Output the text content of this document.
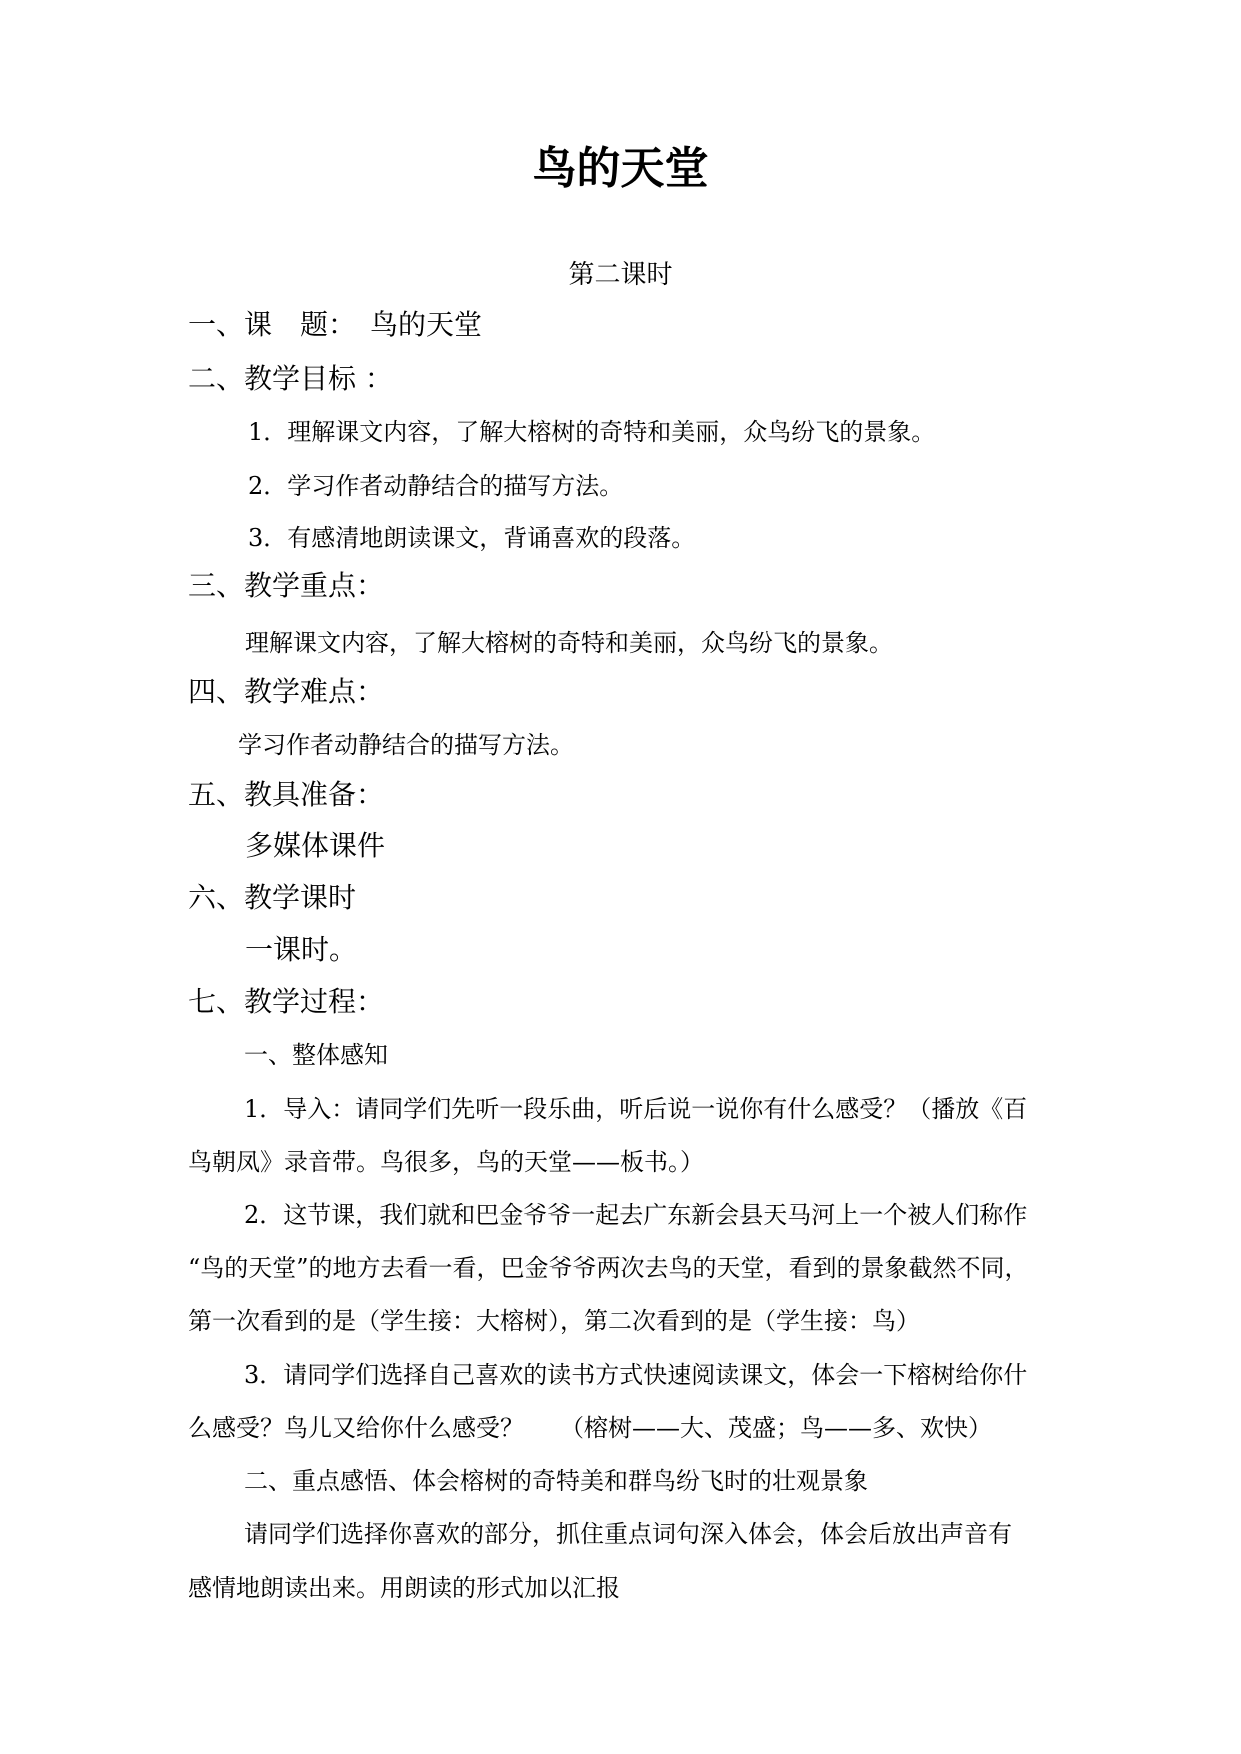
鸟的天堂
第二课时
一、课　题：　鸟的天堂
二、教学目标 ：
1．理解课文内容，了解大榕树的奇特和美丽，众鸟纷飞的景象。
2．学习作者动静结合的描写方法。
3．有感清地朗读课文，背诵喜欢的段落。
三、教学重点：
理解课文内容，了解大榕树的奇特和美丽，众鸟纷飞的景象。
四、教学难点：
学习作者动静结合的描写方法。
五、教具准备：
多媒体课件
六、教学课时
一课时。
七、教学过程：
一、整体感知
1．导入：请同学们先听一段乐曲，听后说一说你有什么感受？（播放《百
鸟朝凤》录音带。鸟很多，鸟的天堂——板书。）
2．这节课，我们就和巴金爷爷一起去广东新会县天马河上一个被人们称作
“鸟的天堂”的地方去看一看，巴金爷爷两次去鸟的天堂，看到的景象截然不同，
第一次看到的是（学生接：大榕树），第二次看到的是（学生接：鸟）
3．请同学们选择自己喜欢的读书方式快速阅读课文，体会一下榕树给你什
么感受？鸟儿又给你什么感受？　　（榕树——大、茂盛；鸟——多、欢快）
二、重点感悟、体会榕树的奇特美和群鸟纷飞时的壮观景象
请同学们选择你喜欢的部分，抓住重点词句深入体会，体会后放出声音有
感情地朗读出来。用朗读的形式加以汇报
